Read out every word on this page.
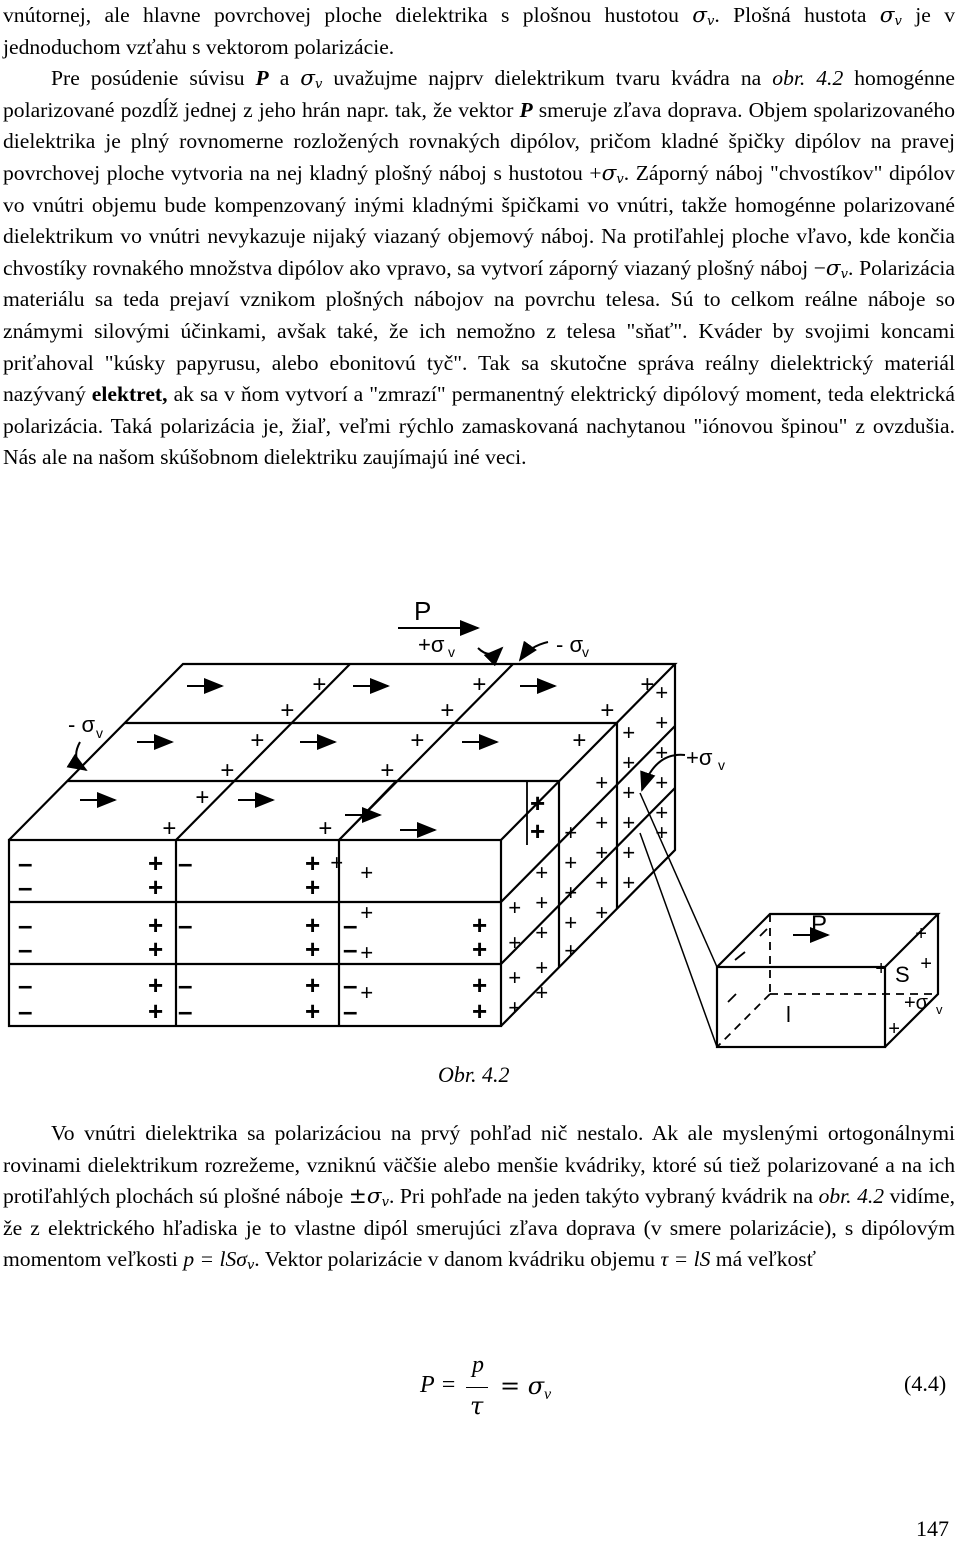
vnútornej, ale hlavne povrchovej ploche dielektrika s plošnou hustotou $\sigma_v$. Plošná hustota $\sigma_v$ je v jednoduchom vzťahu s vektorom polarizácie.
Pre posúdenie súvisu P a $\sigma_v$ uvažujme najprv dielektrikum tvaru kvádra na obr. 4.2 homogénne polarizované pozdĺž jednej z jeho hrán napr. tak, že vektor P smeruje zľava doprava. Objem spolarizovaného dielektrika je plný rovnomerne rozložených rovnakých dipólov, pričom kladné špičky dipólov na pravej povrchovej ploche vytvoria na nej kladný plošný náboj s hustotou $+\sigma_v$. Záporný náboj "chvostíkov" dipólov vo vnútri objemu bude kompenzovaný inými kladnými špičkami vo vnútri, takže homogénne polarizované dielektrikum vo vnútri nevykazuje nijaký viazaný objemový náboj. Na protiľahlej ploche vľavo, kde končia chvostíky rovnakého množstva dipólov ako vpravo, sa vytvorí záporný viazaný plošný náboj $-\sigma_v$. Polarizácia materiálu sa teda prejaví vznikom plošných nábojov na povrchu telesa. Sú to celkom reálne náboje so známymi silovými účinkami, avšak také, že ich nemožno z telesa "sňať". Kváder by svojimi koncami priťahoval "kúsky papyrusu, alebo ebonitovú tyč". Tak sa skutočne správa reálny dielektrický materiál nazývaný elektret, ak sa v ňom vytvorí a "zmrazí" permanentný elektrický dipólový moment, teda elektrická polarizácia. Taká polarizácia je, žiaľ, veľmi rýchlo zamaskovaná nachytanou "iónovou špinou" z ovzdušia. Nás ale na našom skúšobnom dielektriku zaujímajú iné veci.

–	+ –	+
–	+	+
–	+ –	+ –	+
–	+	+ –	+
–	+ –	+ –	+
–	+ –	+ –	+
+
+
+	+	+
+	+	+
+	+	+
+	+
+
+	+
+
+
+
+
+
+
+
+
+
+
+
+
+
+
+
+
+
+
+
+
+
+
+
+
+
+
+
+
+
+
+
+
+
+
+
+
P
+σ v	- σ
v
- σ v
+σ v
P
S
l	+σ v
+
+
+
+
Obr. 4.2

Vo vnútri dielektrika sa polarizáciou na prvý pohľad nič nestalo. Ak ale myslenými ortogonálnymi rovinami dielektrikum rozrežeme, vzniknú väčšie alebo menšie kvádriky, ktoré sú tiež polarizované a na ich protiľahlých plochách sú plošné náboje $\pm\sigma_v$. Pri pohľade na jeden takýto vybraný kvádrik na obr. 4.2 vidíme, že z elektrického hľadiska je to vlastne dipól smerujúci zľava doprava (v smere polarizácie), s dipólovým momentom veľkosti p = lSσ$_v$. Vektor polarizácie v danom kvádriku objemu τ = lS má veľkosť

P =
p
τ
= σ v	(4.4)
147
